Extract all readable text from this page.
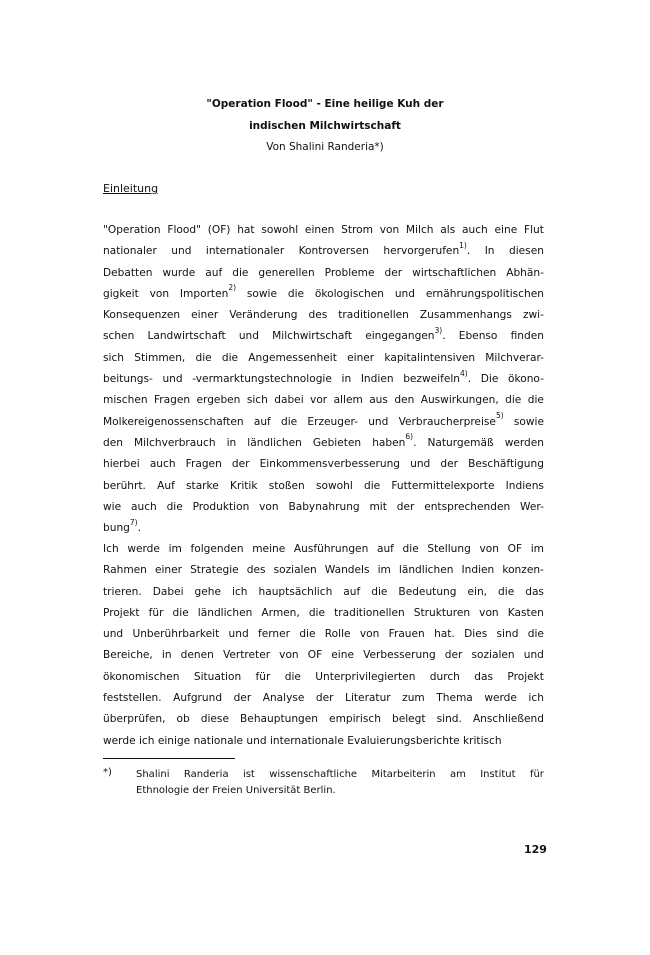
"Operation Flood" - Eine heilige Kuh der
indischen Milchwirtschaft
Von Shalini Randeria*)
Einleitung
"Operation Flood" (OF) hat sowohl einen Strom von Milch als auch eine Flut
nationaler und internationaler Kontroversen hervorgerufen$^{1)}$. In diesen
Debatten wurde auf die generellen Probleme der wirtschaftlichen Abhän-
gigkeit von Importen$^{2)}$
sowie die ökologischen und ernährungspolitischen
Konsequenzen einer Veränderung des traditionellen Zusammenhangs zwi-
schen Landwirtschaft und Milchwirtschaft eingegangen$^{3)}$. Ebenso finden
sich Stimmen, die die Angemessenheit einer kapitalintensiven Milchverar-
beitungs- und -vermarktungstechnologie in Indien bezweifeln$^{4)}$. Die ökono-
mischen Fragen ergeben sich dabei vor allem aus den Auswirkungen, die die
Molkereigenossenschaften auf die Erzeuger- und Verbraucherpreise$^{5)}$
sowie
den Milchverbrauch in ländlichen Gebieten haben$^{6)}$. Naturgemäß werden
hierbei auch Fragen der Einkommensverbesserung und der Beschäftigung
berührt. Auf starke Kritik stoßen sowohl die Futtermittelexporte Indiens
wie auch die Produktion von Babynahrung mit der entsprechenden Wer-
bung$^{7)}$.
Ich werde im folgenden meine Ausführungen auf die Stellung von OF im
Rahmen einer Strategie des sozialen Wandels im ländlichen Indien konzen-
trieren. Dabei gehe ich hauptsächlich auf die Bedeutung ein, die das
Projekt für die ländlichen Armen, die traditionellen Strukturen von Kasten
und Unberührbarkeit und ferner die Rolle von Frauen hat. Dies sind die
Bereiche, in denen Vertreter von OF eine Verbesserung der sozialen und
ökonomischen Situation für die Unterprivilegierten durch das Projekt
feststellen. Aufgrund der Analyse der Literatur zum Thema werde ich
überprüfen, ob diese Behauptungen empirisch belegt sind. Anschließend
werde
ich
einige
nationale
und
internationale
Evaluierungsberichte
kritisch
*) Shalini Randeria ist wissenschaftliche Mitarbeiterin am Institut für
Ethnologie
der
Freien
Universität
Berlin.
129
